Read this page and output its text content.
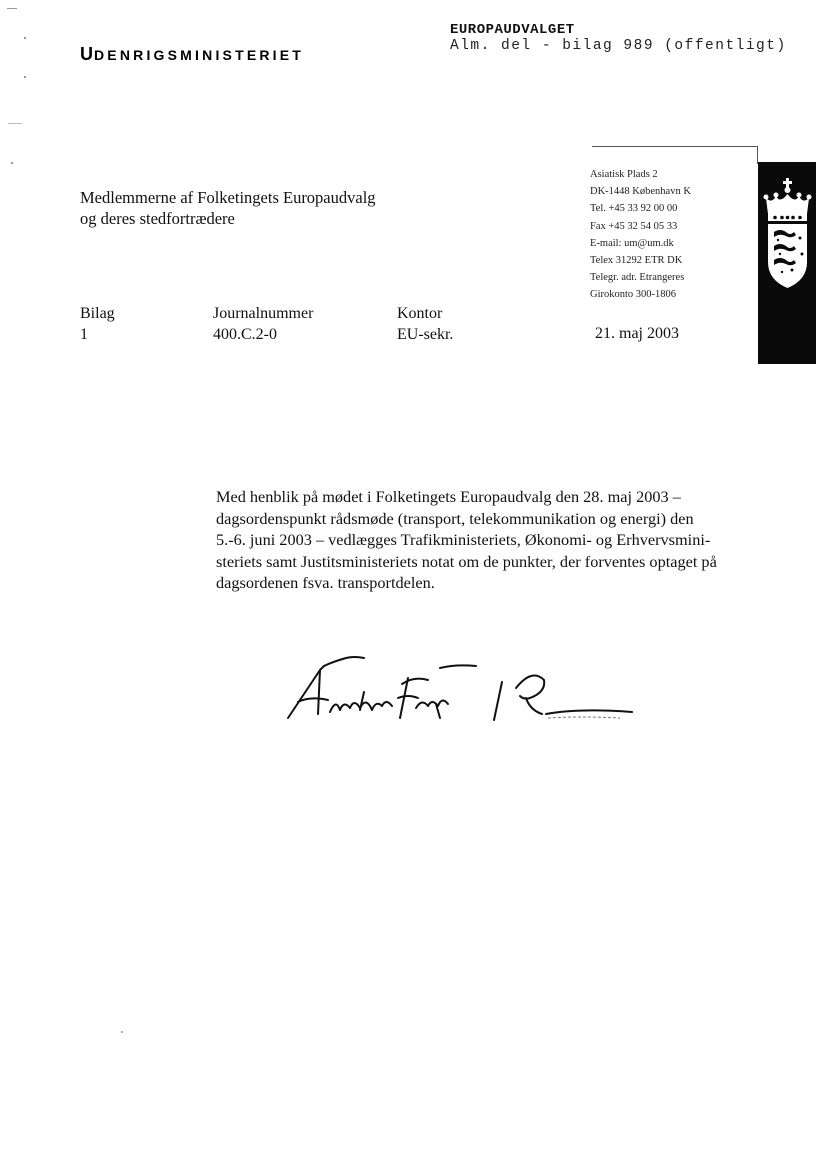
UDENRIGSMINISTERIET
EUROPAUDVALGET
Alm. del - bilag 989 (offentligt)
Medlemmerne af Folketingets Europaudvalg
og deres stedfortrædere
Asiatisk Plads 2
DK-1448 København K
Tel. +45 33 92 00 00
Fax +45 32 54 05 33
E-mail: um@um.dk
Telex 31292 ETR DK
Telegr. adr. Etrangeres
Girokonto 300-1806
Bilag
1
Journalnummer
400.C.2-0
Kontor
EU-sekr.	21. maj 2003
Med henblik på mødet i Folketingets Europaudvalg den 28. maj 2003 –
dagsordenspunkt rådsmøde (transport, telekommunikation og energi) den
5.-6. juni 2003 – vedlægges Trafikministeriets, Økonomi- og Erhvervsmini-
steriets samt Justitsministeriets notat om de punkter, der forventes optaget på
dagsordenen fsva. transportdelen.
